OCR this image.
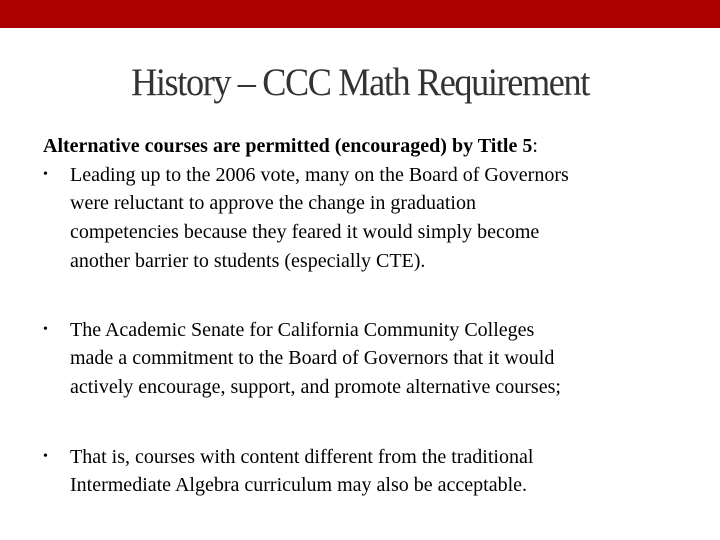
History – CCC Math Requirement
Alternative courses are permitted (encouraged) by Title 5:
• Leading up to the 2006 vote, many on the Board of Governors
were reluctant to approve the change in graduation
competencies because they feared it would simply become
another barrier to students (especially CTE).
• The Academic Senate for California Community Colleges
made a commitment to the Board of Governors that it would
actively encourage, support, and promote alternative courses;
• That is, courses with content different from the traditional
Intermediate Algebra curriculum may also be acceptable.
